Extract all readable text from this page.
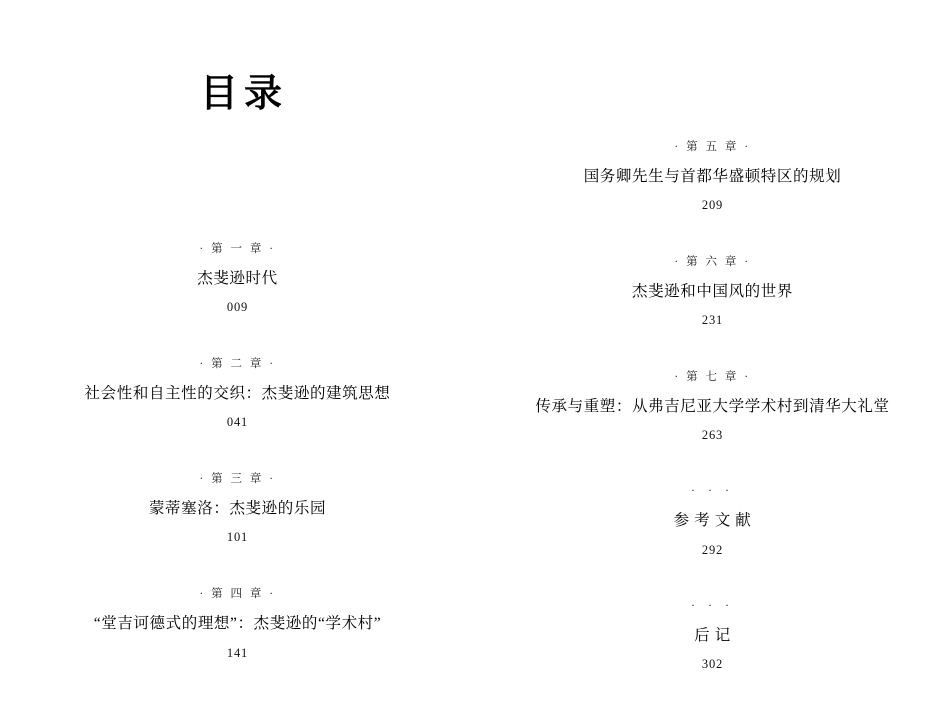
目录
· 第 一 章 ·
杰斐逊时代
009
· 第 二 章 ·
社会性和自主性的交织：杰斐逊的建筑思想
041
· 第 三 章 ·
蒙蒂塞洛：杰斐逊的乐园
101
· 第 四 章 ·
“堂吉诃德式的理想”：杰斐逊的“学术村”
141
· 第 五 章 ·
国务卿先生与首都华盛顿特区的规划
209
· 第 六 章 ·
杰斐逊和中国风的世界
231
· 第 七 章 ·
传承与重塑：从弗吉尼亚大学学术村到清华大礼堂
263
· · ·
参 考 文 献
292
· · ·
后 记
302
